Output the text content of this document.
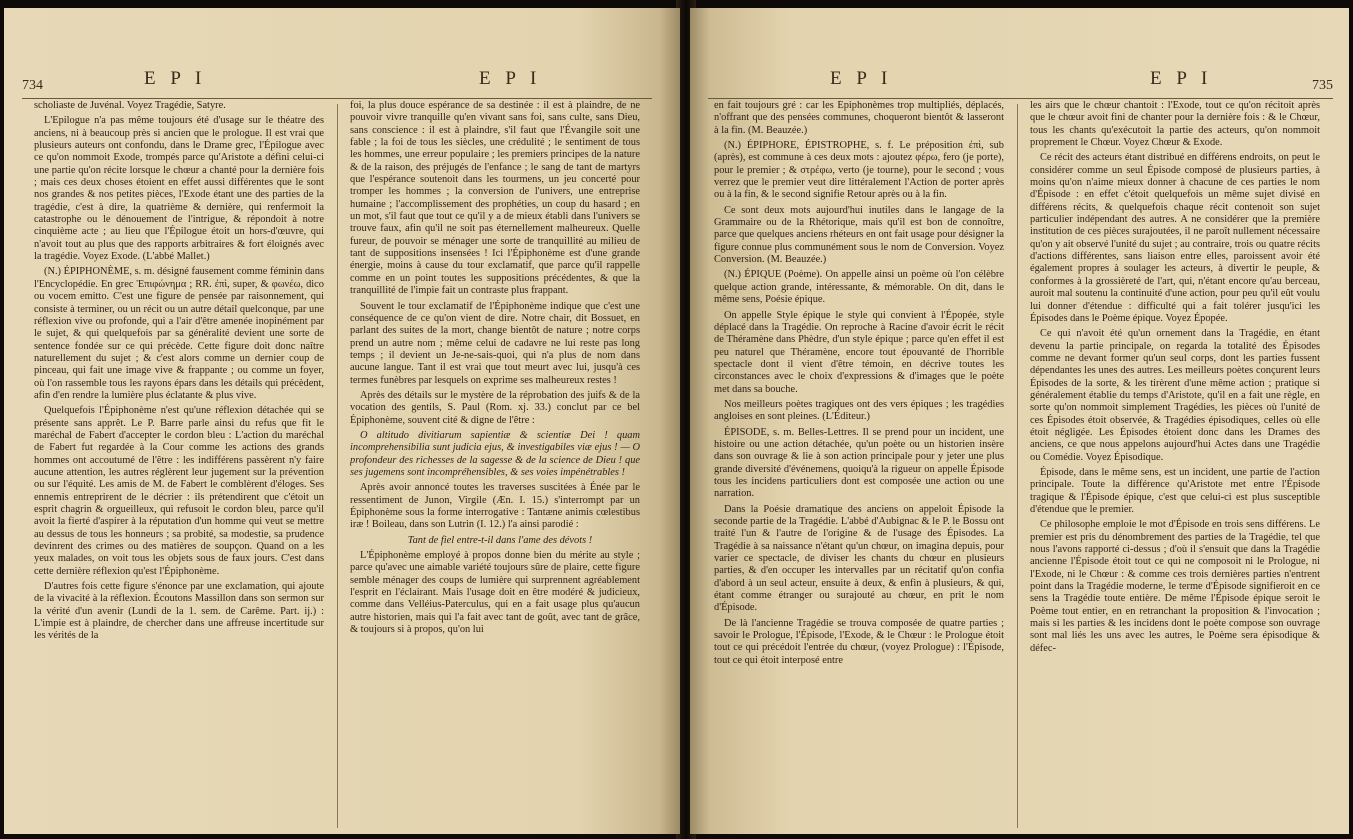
734	E P I	E P I

scholiaste de Juvénal. Voyez Tragédie, Satyre.

L'Epilogue n'a pas même toujours été d'usage sur le théatre des anciens, ni à beaucoup près si ancien que le prologue. Il est vrai que plusieurs auteurs ont confondu, dans le Drame grec, l'Épilogue avec ce qu'on nommoit Exode, trompés parce qu'Aristote a défini celui-ci une partie qu'on récite lorsque le chœur a chanté pour la dernière fois ; mais ces deux choses étoient en effet aussi différentes que le sont nos grandes & nos petites pièces, l'Exode étant une des parties de la tragédie, c'est à dire, la quatrième & dernière, qui renfermoit la catastrophe ou le dénouement de l'intrigue, & répondoit à notre cinquième acte ; au lieu que l'Épilogue étoit un hors-d'œuvre, qui n'avoit tout au plus que des rapports arbitraires & fort éloignés avec la tragédie. Voyez Exode. (L'abbé Mallet.)

(N.) ÉPIPHONÈME, s. m. désigné fausement comme féminin dans l'Encyclopédie. En grec Ἐπιφώνημα ; RR. ἐπὶ, super, & φωνέω, dico ou vocem emitto. C'est une figure de pensée par raisonnement, qui consiste à terminer, ou un récit ou un autre détail quelconque, par une réflexion vive ou profonde, qui a l'air d'être amenée inopinément par le sujet, & qui quelquefois par sa généralité devient une sorte de sentence fondée sur ce qui précède. Cette figure doit donc naître naturellement du sujet ; & c'est alors comme un dernier coup de pinceau, qui fait une image vive & frappante ; ou comme un foyer, où l'on rassemble tous les rayons épars dans les détails qui précèdent, afin d'en rendre la lumière plus éclatante & plus vive.

Quelquefois l'Épiphonème n'est qu'une réflexion détachée qui se présente sans apprêt. Le P. Barre parle ainsi du refus que fit le maréchal de Fabert d'accepter le cordon bleu : L'action du maréchal de Fabert fut regardée à la Cour comme les actions des grands hommes ont accoutumé de l'être : les indifférens passèrent n'y faire aucune attention, les autres réglèrent leur jugement sur la prévention ou sur l'équité. Les amis de M. de Fabert le comblèrent d'éloges. Ses ennemis entreprirent de le décrier : ils prétendirent que c'étoit un esprit chagrin & orgueilleux, qui refusoit le cordon bleu, parce qu'il avoit la fierté d'aspirer à la réputation d'un homme qui veut se mettre au dessus de tous les honneurs ; sa probité, sa modestie, sa prudence devinrent des crimes ou des matières de soupçon. Quand on a les yeux malades, on voit tous les objets sous de faux jours. C'est dans cette dernière réflexion qu'est l'Épiphonème.

D'autres fois cette figure s'énonce par une exclamation, qui ajoute de la vivacité à la réflexion. Écoutons Massillon dans son sermon sur la vérité d'un avenir (Lundi de la 1. sem. de Carême. Part. ij.) : L'impie est à plaindre, de chercher dans une affreuse incertitude sur les vérités de la

foi, la plus douce espérance de sa destinée : il est à plaindre, de ne pouvoir vivre tranquille qu'en vivant sans foi, sans culte, sans Dieu, sans conscience : il est à plaindre, s'il faut que l'Évangile soit une fable ; la foi de tous les siècles, une crédulité ; le sentiment de tous les hommes, une erreur populaire ; les premiers principes de la nature & de la raison, des préjugés de l'enfance ; le sang de tant de martyrs que l'espérance soutenoit dans les tourmens, un jeu concerté pour tromper les hommes ; la conversion de l'univers, une entreprise humaine ; l'accomplissement des prophéties, un coup du hasard ; en un mot, s'il faut que tout ce qu'il y a de mieux établi dans l'univers se trouve faux, afin qu'il ne soit pas éternellement malheureux. Quelle fureur, de pouvoir se ménager une sorte de tranquillité au milieu de tant de suppositions insensées ! Ici l'Épiphonème est d'une grande énergie, moins à cause du tour exclamatif, que parce qu'il rappelle comme en un point toutes les suppositions précédentes, & que la tranquillité de l'impie fait un contraste plus frappant.

Souvent le tour exclamatif de l'Épiphonème indique que c'est une conséquence de ce qu'on vient de dire. Notre chair, dit Bossuet, en parlant des suites de la mort, change bientôt de nature ; notre corps prend un autre nom ; même celui de cadavre ne lui reste pas long temps ; il devient un Je-ne-sais-quoi, qui n'a plus de nom dans aucune langue. Tant il est vrai que tout meurt avec lui, jusqu'à ces termes funèbres par lesquels on exprime ses malheureux restes !

Après des détails sur le mystère de la réprobation des juifs & de la vocation des gentils, S. Paul (Rom. xj. 33.) conclut par ce bel Épiphonème, souvent cité & digne de l'être :

O altitudo divitiarum sapientiæ & scientiæ Dei ! quam incomprehensibilia sunt judicia ejus, & investigabiles viæ ejus ! — O profondeur des richesses de la sagesse & de la science de Dieu ! que ses jugemens sont incompréhensibles, & ses voies impénétrables !

Après avoir annoncé toutes les traverses suscitées à Énée par le ressentiment de Junon, Virgile (Æn. I. 15.) s'interrompt par un Épiphonème sous la forme interrogative : Tantæne animis cœlestibus iræ ! Boileau, dans son Lutrin (I. 12.) l'a ainsi parodié :

Tant de fiel entre-t-il dans l'ame des dévots !

L'Épiphonème employé à propos donne bien du mérite au style ; parce qu'avec une aimable variété toujours sûre de plaire, cette figure semble ménager des coups de lumière qui surprennent agréablement l'esprit en l'éclairant. Mais l'usage doit en être modéré & judicieux, comme dans Velléius-Paterculus, qui en a fait usage plus qu'aucun autre historien, mais qui l'a fait avec tant de goût, avec tant de grâce, & toujours si à propos, qu'on lui

E P I	E P I	735

en fait toujours gré : car les Épiphonèmes trop multipliés, déplacés, n'offrant que des pensées communes, choqueront bientôt & lasseront à la fin. (M. Beauzée.)

(N.) ÉPIPHORE, ÉPISTROPHE, s. f. Le préposition ἐπὶ, sub (après), est commune à ces deux mots : ajoutez φέρω, fero (je porte), pour le premier ; & στρέφω, verto (je tourne), pour le second ; vous verrez que le premier veut dire littéralement l'Action de porter après ou à la fin, & le second signifie Retour après ou à la fin.

Ce sont deux mots aujourd'hui inutiles dans le langage de la Grammaire ou de la Rhétorique, mais qu'il est bon de connoître, parce que quelques anciens rhéteurs en ont fait usage pour désigner la figure connue plus communément sous le nom de Conversion. Voyez Conversion. (M. Beauzée.)

(N.) ÉPIQUE (Poème). On appelle ainsi un poème où l'on célèbre quelque action grande, intéressante, & mémorable. On dit, dans le même sens, Poésie épique.

On appelle Style épique le style qui convient à l'Épopée, style déplacé dans la Tragédie. On reproche à Racine d'avoir écrit le récit de Théramène dans Phèdre, d'un style épique ; parce qu'en effet il est peu naturel que Théramène, encore tout épouvanté de l'horrible spectacle dont il vient d'être témoin, en décrive toutes les circonstances avec le choix d'expressions & d'images que le poète met dans sa bouche.

Nos meilleurs poètes tragiques ont des vers épiques ; les tragédies angloises en sont pleines. (L'Éditeur.)

ÉPISODE, s. m. Belles-Lettres. Il se prend pour un incident, une histoire ou une action détachée, qu'un poète ou un historien insère dans son ouvrage & lie à son action principale pour y jeter une plus grande diversité d'événemens, quoiqu'à la rigueur on appelle Épisode tous les incidens particuliers dont est composée une action ou une narration.

Dans la Poésie dramatique des anciens on appeloit Épisode la seconde partie de la Tragédie. L'abbé d'Aubignac & le P. le Bossu ont traité l'un & l'autre de l'origine & de l'usage des Épisodes. La Tragédie à sa naissance n'étant qu'un chœur, on imagina depuis, pour varier ce spectacle, de diviser les chants du chœur en plusieurs parties, & d'en occuper les intervalles par un récitatif qu'on confia d'abord à un seul acteur, ensuite à deux, & enfin à plusieurs, & qui, étant comme étranger ou surajouté au chœur, en prit le nom d'Épisode.

De là l'ancienne Tragédie se trouva composée de quatre parties ; savoir le Prologue, l'Épisode, l'Exode, & le Chœur : le Prologue étoit tout ce qui précédoit l'entrée du chœur, (voyez Prologue) : l'Épisode, tout ce qui étoit interposé entre

les airs que le chœur chantoit : l'Exode, tout ce qu'on récitoit après que le chœur avoit fini de chanter pour la dernière fois : & le Chœur, tous les chants qu'exécutoit la partie des acteurs, qu'on nommoit proprement le Chœur. Voyez Chœur & Exode.

Ce récit des acteurs étant distribué en différens endroits, on peut le considérer comme un seul Épisode composé de plusieurs parties, à moins qu'on n'aime mieux donner à chacune de ces parties le nom d'Épisode : en effet c'étoit quelquefois un même sujet divisé en différens récits, & quelquefois chaque récit contenoit son sujet particulier indépendant des autres. A ne considérer que la première institution de ces pièces surajoutées, il ne paroît nullement nécessaire qu'on y ait observé l'unité du sujet ; au contraire, trois ou quatre récits d'actions différentes, sans liaison entre elles, paroissent avoir été également propres à soulager les acteurs, à divertir le peuple, & conformes à la grossièreté de l'art, qui, n'étant encore qu'au berceau, auroit mal soutenu la continuité d'une action, pour peu qu'il eût voulu lui donner d'étendue : difficulté qui a fait tolérer jusqu'ici les Épisodes dans le Poème épique. Voyez Épopée.

Ce qui n'avoit été qu'un ornement dans la Tragédie, en étant devenu la partie principale, on regarda la totalité des Épisodes comme ne devant former qu'un seul corps, dont les parties fussent dépendantes les unes des autres. Les meilleurs poètes conçurent leurs Épisodes de la sorte, & les tirèrent d'une même action ; pratique si généralement établie du temps d'Aristote, qu'il en a fait une règle, en sorte qu'on nommoit simplement Tragédies, les pièces où l'unité de ces Épisodes étoit observée, & Tragédies épisodiques, celles où elle étoit négligée. Les Épisodes étoient donc dans les Drames des anciens, ce que nous appelons aujourd'hui Actes dans une Tragédie ou Comédie. Voyez Épisodique.

Épisode, dans le même sens, est un incident, une partie de l'action principale. Toute la différence qu'Aristote met entre l'Épisode tragique & l'Épisode épique, c'est que celui-ci est plus susceptible d'étendue que le premier.

Ce philosophe emploie le mot d'Épisode en trois sens différens. Le premier est pris du dénombrement des parties de la Tragédie, tel que nous l'avons rapporté ci-dessus ; d'où il s'ensuit que dans la Tragédie ancienne l'Épisode étoit tout ce qui ne composoit ni le Prologue, ni l'Exode, ni le Chœur : & comme ces trois dernières parties n'entrent point dans la Tragédie moderne, le terme d'Épisode signifieroit en ce sens la Tragédie toute entière. De même l'Épisode épique seroit le Poème tout entier, en en retranchant la proposition & l'invocation ; mais si les parties & les incidens dont le poète compose son ouvrage sont mal liés les uns avec les autres, le Poème sera épisodique & défec-
